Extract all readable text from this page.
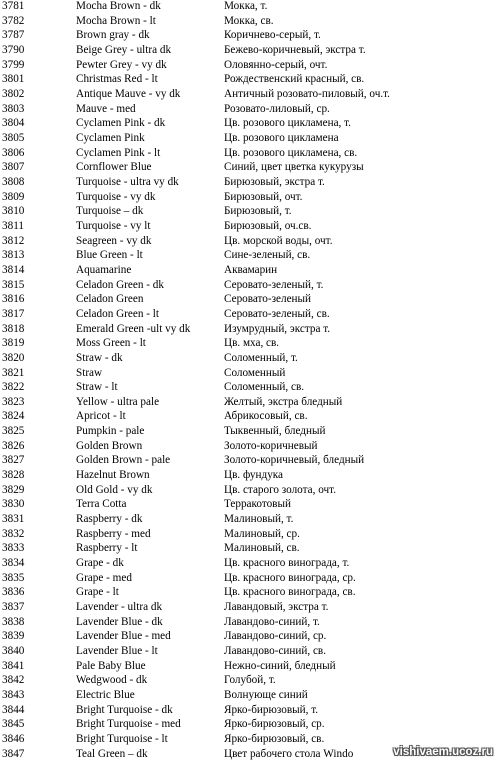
3781	Mocha Brown - dk	Мокка, т.
3782	Mocha Brown - lt	Мокка, св.
3787	Brown gray - dk	Коричнево-серый, т.
3790	Beige Grey - ultra dk	Бежево-коричневый, экстра т.
3799	Pewter Grey - vy dk	Оловянно-серый, очт.
3801	Christmas Red - lt	Рождественский красный, св.
3802	Antique Mauve - vy dk	Античный розовато-пиловый, оч.т.
3803	Mauve - med	Розовато-лиловый, ср.
3804	Cyclamen Pink - dk	Цв. розового цикламена, т.
3805	Cyclamen Pink	Цв. розового цикламена
3806	Cyclamen Pink - lt	Цв. розового цикламена, св.
3807	Cornflower Blue	Синий, цвет цветка кукурузы
3808	Turquoise - ultra vy dk	Бирюзовый, экстра т.
3809	Turquoise - vy dk	Бирюзовый, очт.
3810	Turquoise – dk	Бирюзовый, т.
3811	Turquoise - vy lt	Бирюзовый, оч.св.
3812	Seagreen - vy dk	Цв. морской воды, очт.
3813	Blue Green - lt	Сине-зеленый, св.
3814	Aquamarine	Аквамарин
3815	Celadon Green - dk	Серовато-зеленый, т.
3816	Celadon Green	Серовато-зеленый
3817	Celadon Green - lt	Серовато-зеленый, св.
3818	Emerald Green -ult vy dk	Изумрудный, экстра т.
3819	Moss Green - lt	Цв. мха, св.
3820	Straw - dk	Соломенный, т.
3821	Straw	Соломенный
3822	Straw - lt	Соломенный, св.
3823	Yellow - ultra pale	Желтый, экстра бледный
3824	Apricot - lt	Абрикосовый, св.
3825	Pumpkin - pale	Тыквенный, бледный
3826	Golden Brown	Золото-коричневый
3827	Golden Brown - pale	Золото-коричневый, бледный
3828	Hazelnut Brown	Цв. фундука
3829	Old Gold - vy dk	Цв. старого золота, очт.
3830	Terra Cotta	Терракотовый
3831	Raspberry - dk	Малиновый, т.
3832	Raspberry - med	Малиновый, ср.
3833	Raspberry - lt	Малиновый, св.
3834	Grape - dk	Цв. красного винограда, т.
3835	Grape - med	Цв. красного винограда, ср.
3836	Grape - lt	Цв. красного винограда, св.
3837	Lavender - ultra dk	Лавандовый, экстра т.
3838	Lavender Blue - dk	Лавандово-синий, т.
3839	Lavender Blue - med	Лавандово-синий, ср.
3840	Lavender Blue - lt	Лавандово-синий, св.
3841	Pale Baby Blue	Нежно-синий, бледный
3842	Wedgwood - dk	Голубой, т.
3843	Electric Blue	Волнующе синий
3844	Bright Turquoise - dk	Ярко-бирюзовый, т.
3845	Bright Turquoise - med	Ярко-бирюзовый, ср.
3846	Bright Turquoise - lt	Ярко-бирюзовый, св.
3847	Teal Green – dk	Цвет рабочего стола Windo	vishivaem.ucoz.ru
